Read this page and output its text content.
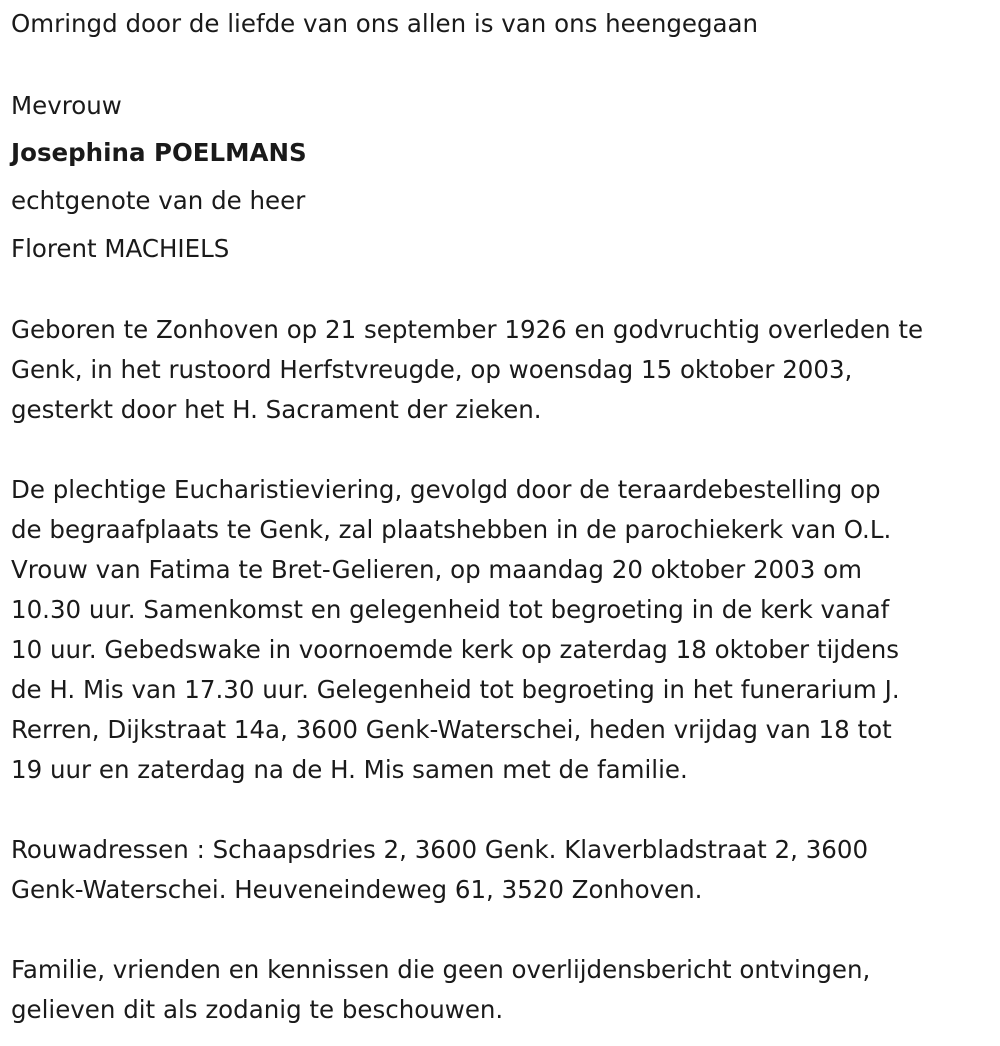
Omringd door de liefde van ons allen is van ons heengegaan
Mevrouw
Josephina POELMANS
echtgenote van de heer
Florent MACHIELS
Geboren te Zonhoven op 21 september 1926 en godvruchtig overleden te
Genk, in het rustoord Herfstvreugde, op woensdag 15 oktober 2003,
gesterkt door het H. Sacrament der zieken.
De plechtige Eucharistieviering, gevolgd door de teraardebestelling op
de begraafplaats te Genk, zal plaatshebben in de parochiekerk van O.L.
Vrouw van Fatima te Bret-Gelieren, op maandag 20 oktober 2003 om
10.30 uur. Samenkomst en gelegenheid tot begroeting in de kerk vanaf
10 uur. Gebedswake in voornoemde kerk op zaterdag 18 oktober tijdens
de H. Mis van 17.30 uur. Gelegenheid tot begroeting in het funerarium J.
Rerren, Dijkstraat 14a, 3600 Genk-Waterschei, heden vrijdag van 18 tot
19 uur en zaterdag na de H. Mis samen met de familie.
Rouwadressen : Schaapsdries 2, 3600 Genk. Klaverbladstraat 2, 3600
Genk-Waterschei. Heuveneindeweg 61, 3520 Zonhoven.
Familie, vrienden en kennissen die geen overlijdensbericht ontvingen,
gelieven dit als zodanig te beschouwen.
